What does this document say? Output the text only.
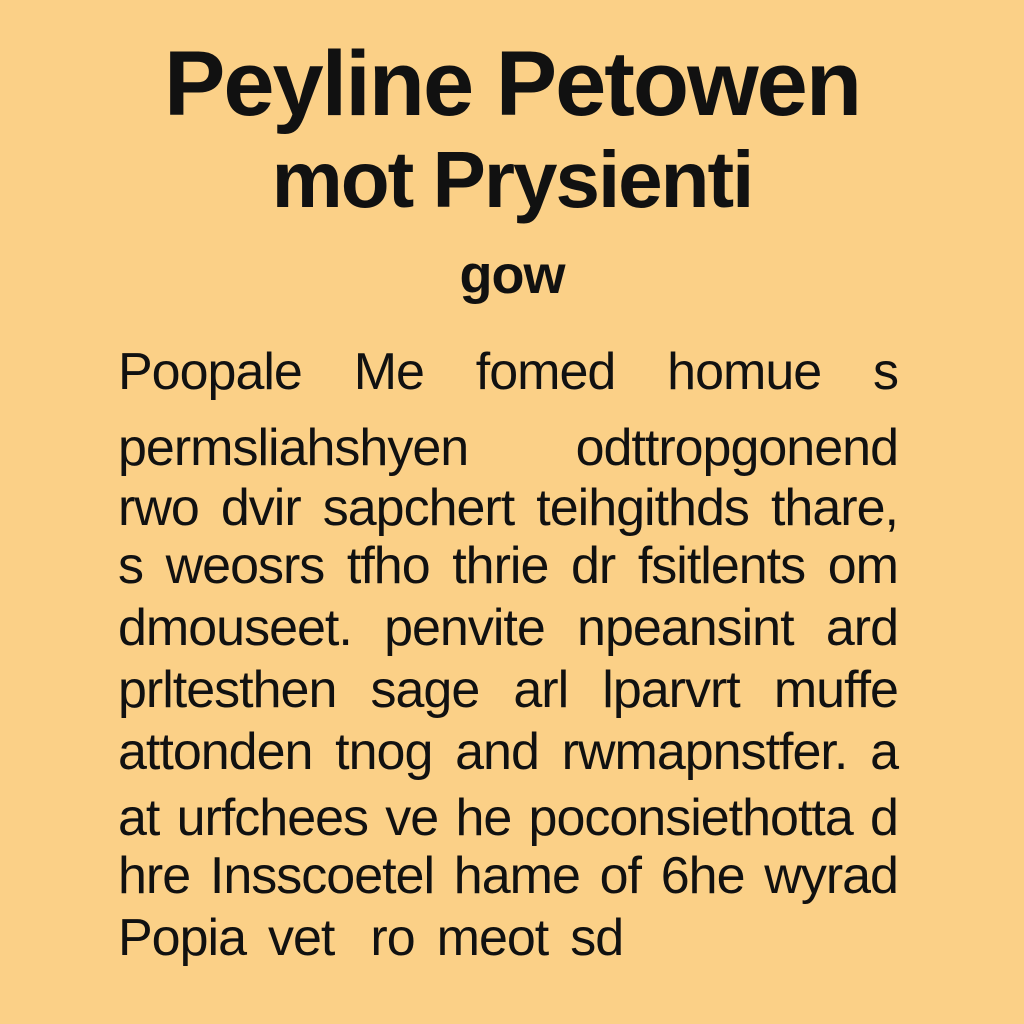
Peyline Petowen
mot Prysienti
gow
Poopale Me fomed homue s
permsliahshyen odttropgonend
rwo dvir sapchert teihgithds thare,
s weosrs tfho thrie dr fsitlents om
dmouseet. penvite npeansint ard
prltesthen sage arl lparvrt muffe
attonden tnog and rwmapnstfer. a
at urfchees ve he poconsiethotta d
hre Insscoetel hame of 6he wyrad
Popia vet ro meot sd
